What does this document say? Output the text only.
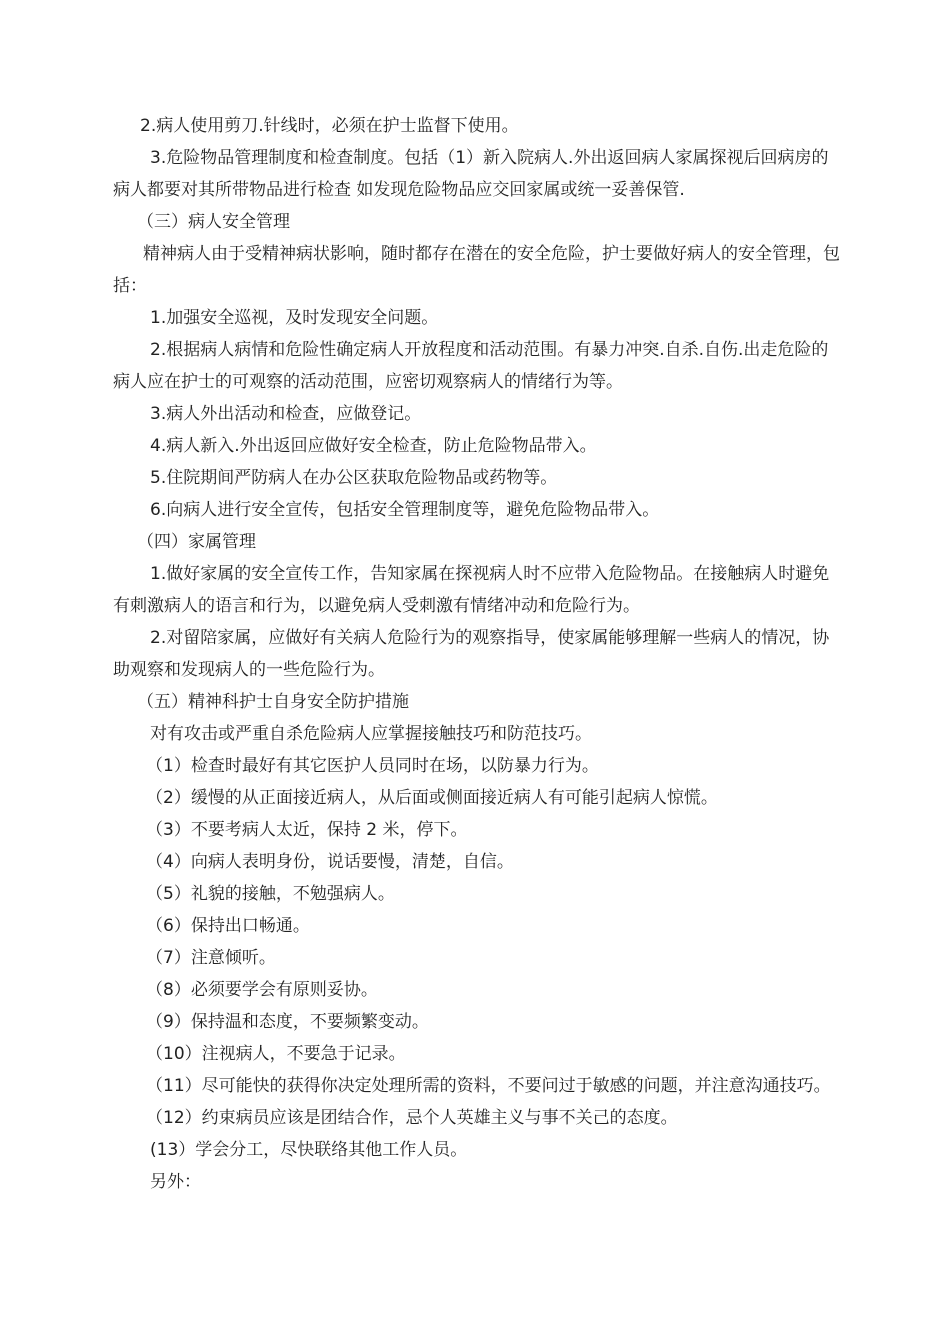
2.病人使用剪刀.针线时，必须在护士监督下使用。

3.危险物品管理制度和检查制度。包括（1）新入院病人.外出返回病人家属探视后回病房的病人都要对其所带物品进行检查 如发现危险物品应交回家属或统一妥善保管.

（三）病人安全管理

精神病人由于受精神病状影响，随时都存在潜在的安全危险，护士要做好病人的安全管理，包括：

1.加强安全巡视，及时发现安全问题。

2.根据病人病情和危险性确定病人开放程度和活动范围。有暴力冲突.自杀.自伤.出走危险的病人应在护士的可观察的活动范围，应密切观察病人的情绪行为等。

3.病人外出活动和检查，应做登记。

4.病人新入.外出返回应做好安全检查，防止危险物品带入。

5.住院期间严防病人在办公区获取危险物品或药物等。

6.向病人进行安全宣传，包括安全管理制度等，避免危险物品带入。

（四）家属管理

1.做好家属的安全宣传工作，告知家属在探视病人时不应带入危险物品。在接触病人时避免有刺激病人的语言和行为，以避免病人受刺激有情绪冲动和危险行为。

2.对留陪家属，应做好有关病人危险行为的观察指导，使家属能够理解一些病人的情况，协助观察和发现病人的一些危险行为。

（五）精神科护士自身安全防护措施

对有攻击或严重自杀危险病人应掌握接触技巧和防范技巧。

（1）检查时最好有其它医护人员同时在场，以防暴力行为。

（2）缓慢的从正面接近病人，从后面或侧面接近病人有可能引起病人惊慌。

（3）不要考病人太近，保持 2 米，停下。

（4）向病人表明身份，说话要慢，清楚，自信。

（5）礼貌的接触，不勉强病人。

（6）保持出口畅通。

（7）注意倾听。

（8）必须要学会有原则妥协。

（9）保持温和态度，不要频繁变动。

（10）注视病人，不要急于记录。

（11）尽可能快的获得你决定处理所需的资料，不要问过于敏感的问题，并注意沟通技巧。

（12）约束病员应该是团结合作，忌个人英雄主义与事不关己的态度。

(13）学会分工，尽快联络其他工作人员。

另外：
